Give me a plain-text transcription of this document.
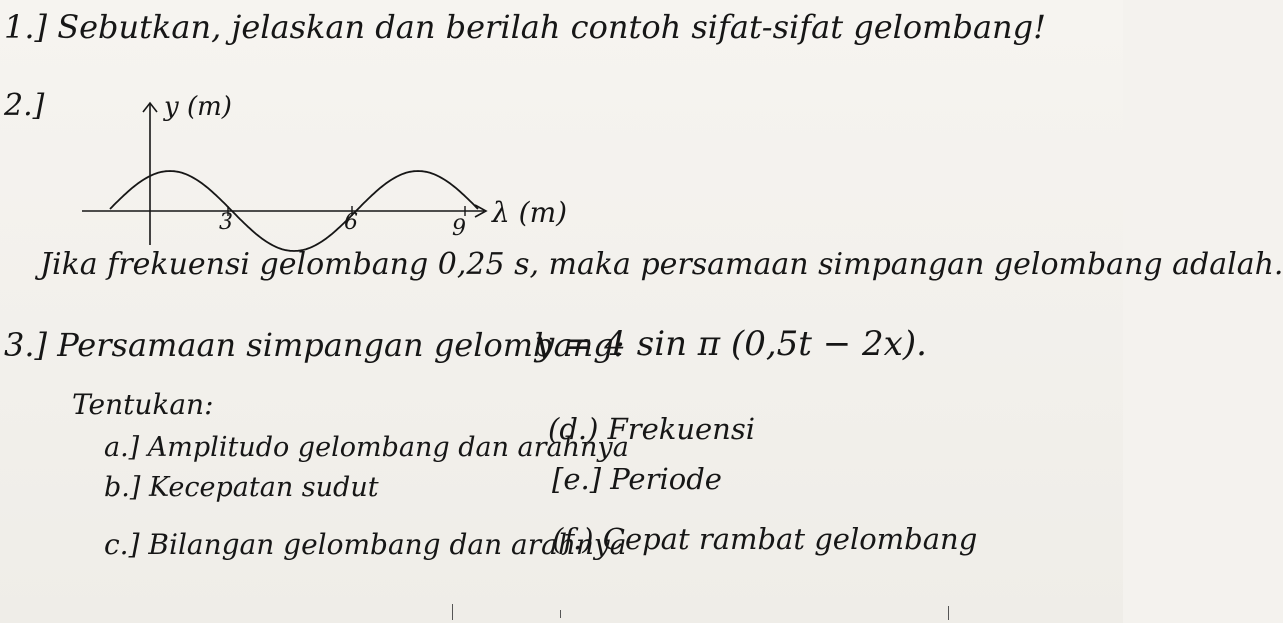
1.] Sebutkan, jelaskan dan berilah contoh sifat-sifat gelombang!
2.]	y (m)
λ (m)
3	6	9
Jika frekuensi gelombang 0,25 s, maka persamaan simpangan gelombang adalah.
3.] Persamaan simpangan gelombang:
y = 4 sin π (0,5t − 2x).
Tentukan:
a.] Amplitudo gelombang dan arahnya
b.] Kecepatan sudut
c.] Bilangan gelombang dan arahnya
(d.) Frekuensi
[e.] Periode
(f.) Cepat rambat gelombang
